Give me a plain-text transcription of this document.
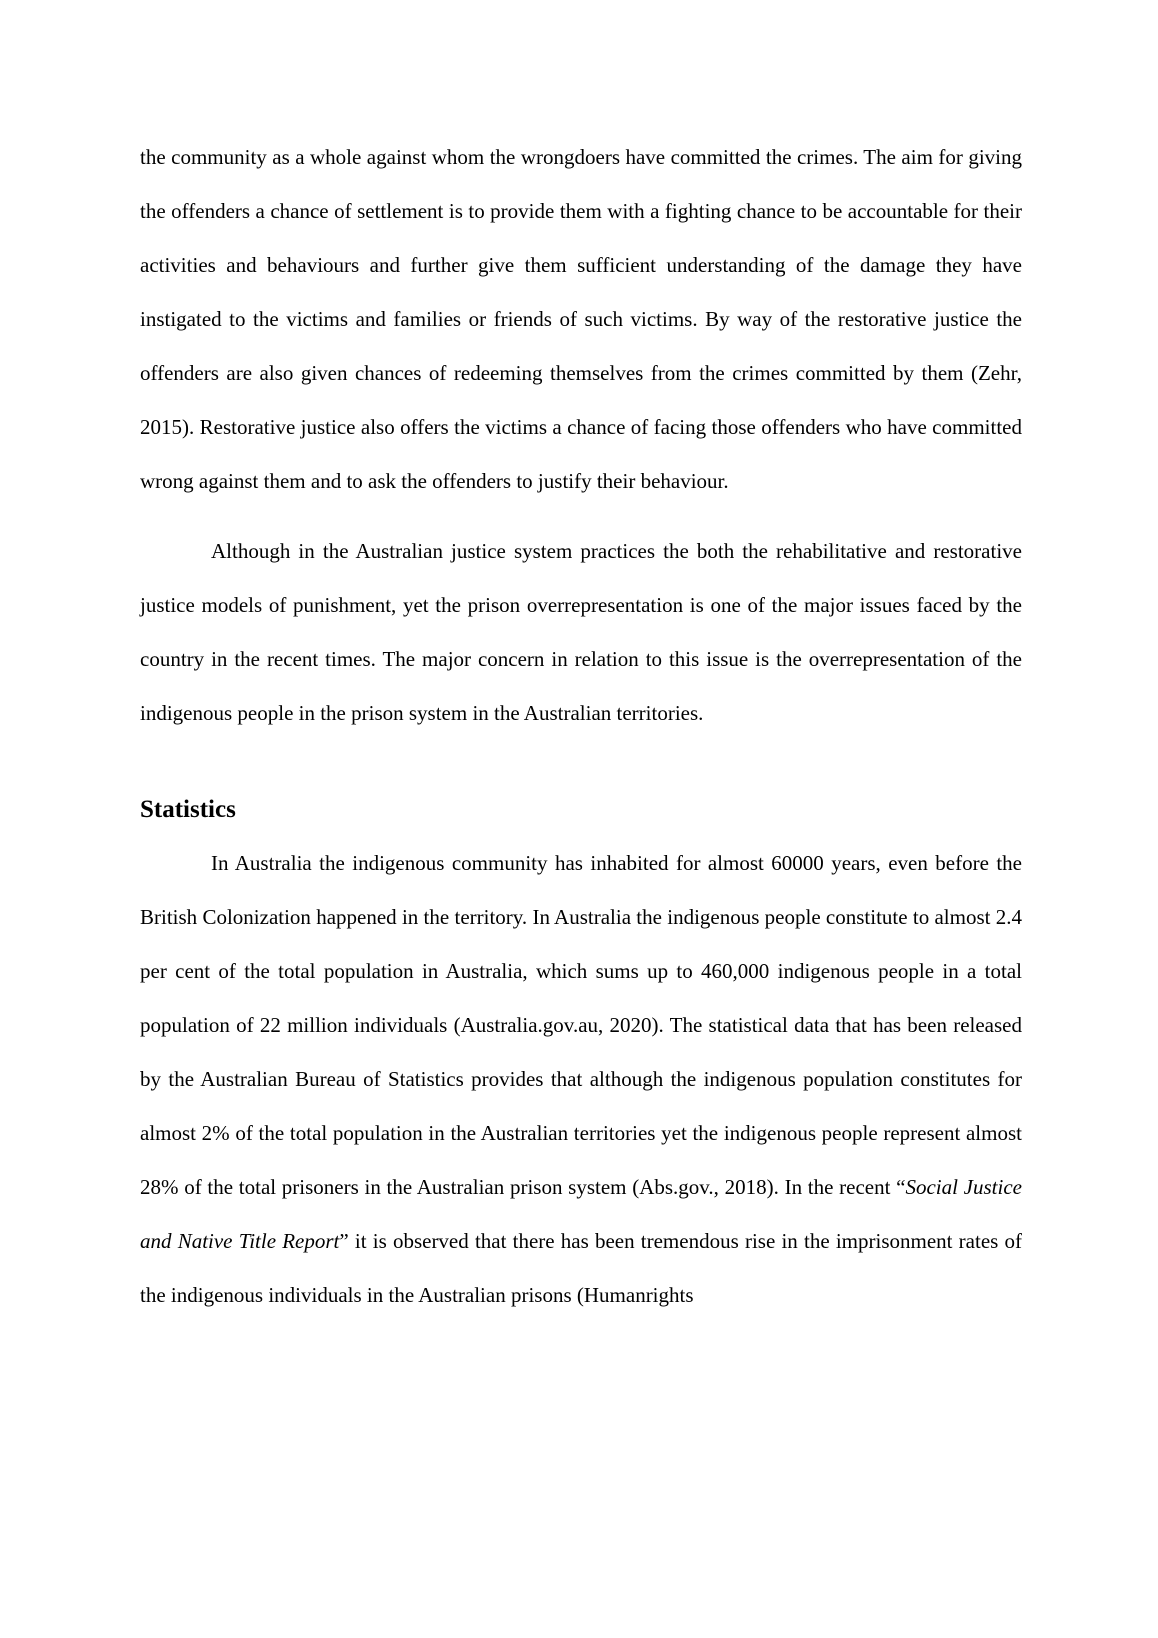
the community as a whole against whom the wrongdoers have committed the crimes. The aim for giving the offenders a chance of settlement is to provide them with a fighting chance to be accountable for their activities and behaviours and further give them sufficient understanding of the damage they have instigated to the victims and families or friends of such victims. By way of the restorative justice the offenders are also given chances of redeeming themselves from the crimes committed by them (Zehr, 2015). Restorative justice also offers the victims a chance of facing those offenders who have committed wrong against them and to ask the offenders to justify their behaviour.

Although in the Australian justice system practices the both the rehabilitative and restorative justice models of punishment, yet the prison overrepresentation is one of the major issues faced by the country in the recent times. The major concern in relation to this issue is the overrepresentation of the indigenous people in the prison system in the Australian territories.

Statistics

In Australia the indigenous community has inhabited for almost 60000 years, even before the British Colonization happened in the territory. In Australia the indigenous people constitute to almost 2.4 per cent of the total population in Australia, which sums up to 460,000 indigenous people in a total population of 22 million individuals (Australia.gov.au, 2020). The statistical data that has been released by the Australian Bureau of Statistics provides that although the indigenous population constitutes for almost 2% of the total population in the Australian territories yet the indigenous people represent almost 28% of the total prisoners in the Australian prison system (Abs.gov., 2018). In the recent “Social Justice and Native Title Report” it is observed that there has been tremendous rise in the imprisonment rates of the indigenous individuals in the Australian prisons (Humanrights
